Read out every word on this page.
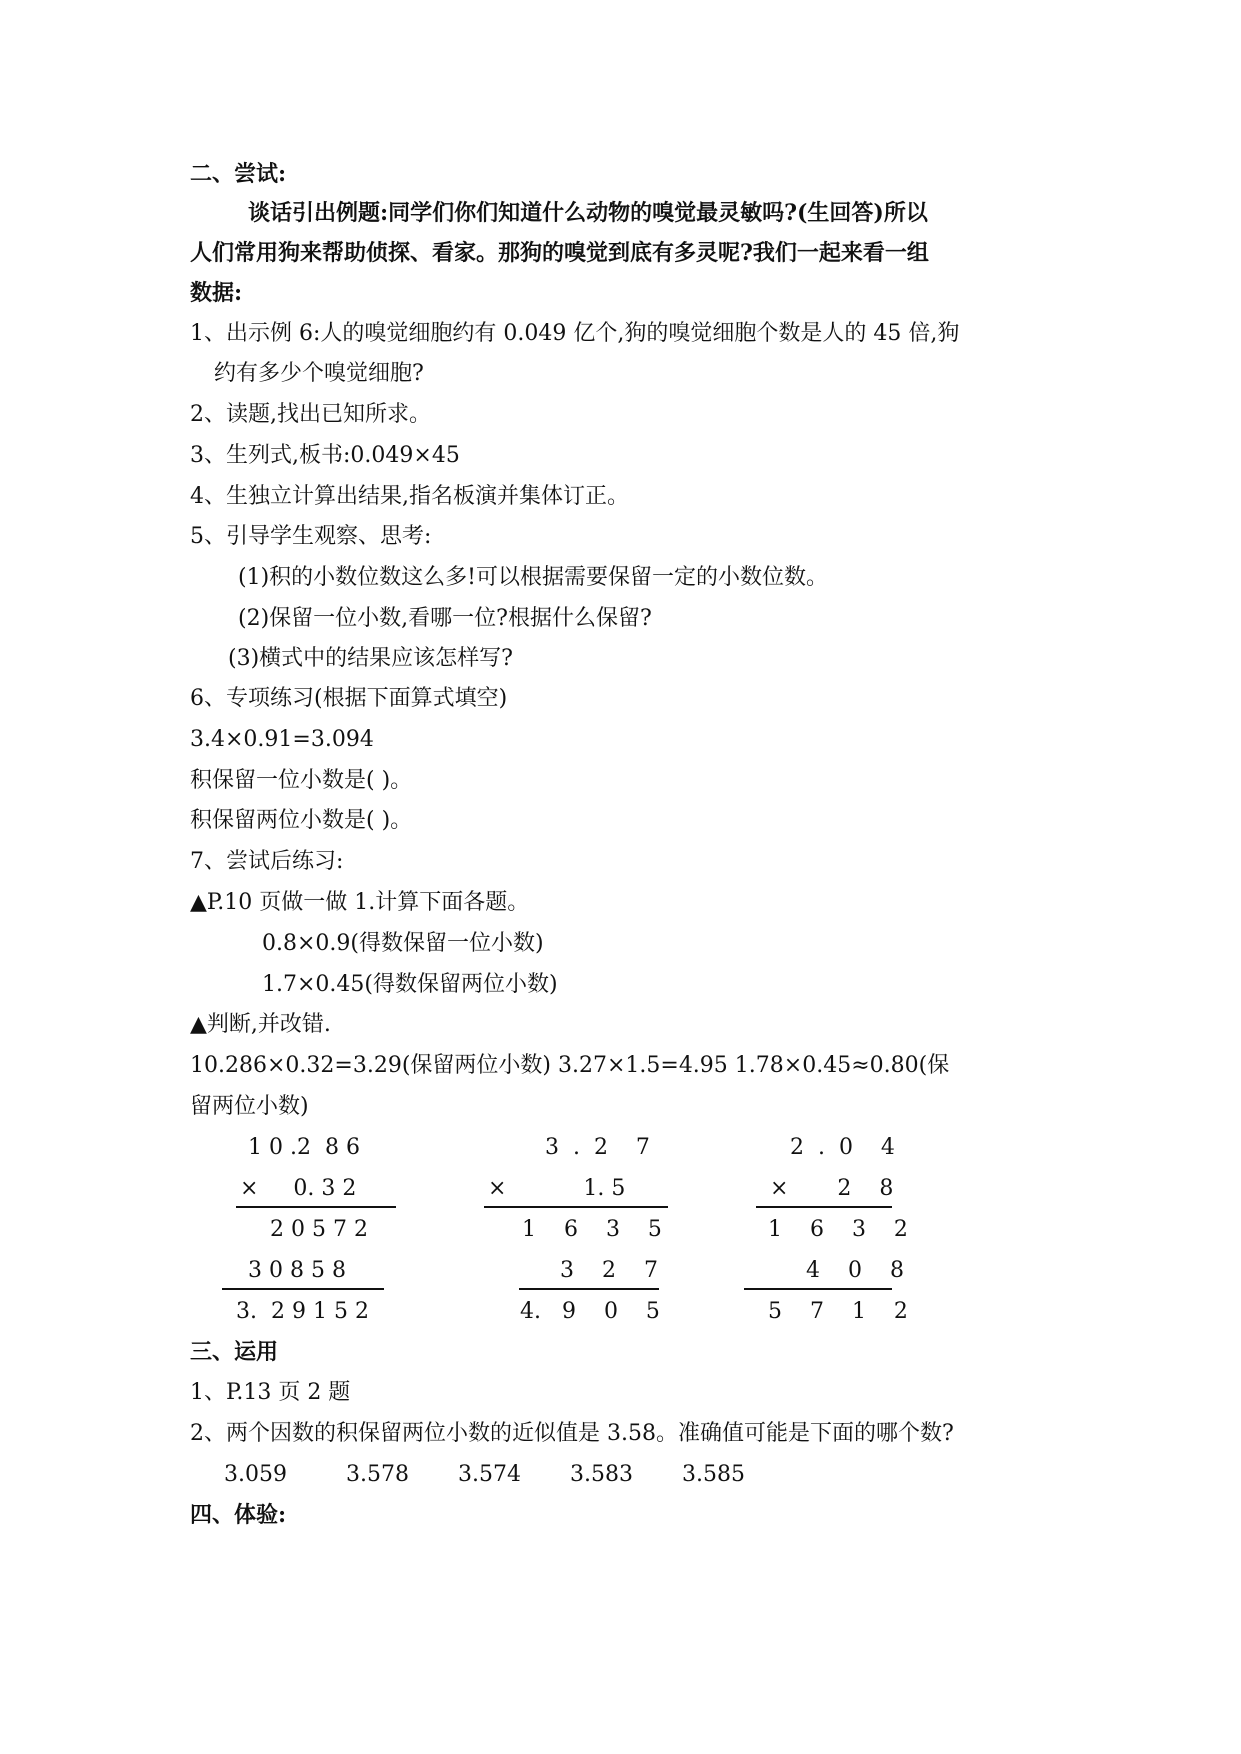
二、尝试:
谈话引出例题:同学们你们知道什么动物的嗅觉最灵敏吗?(生回答)所以
人们常用狗来帮助侦探、看家。那狗的嗅觉到底有多灵呢?我们一起来看一组
数据:
1、出示例 6:人的嗅觉细胞约有 0.049 亿个,狗的嗅觉细胞个数是人的 45 倍,狗
约有多少个嗅觉细胞?
2、读题,找出已知所求。
3、生列式,板书:0.049×45
4、生独立计算出结果,指名板演并集体订正。
5、引导学生观察、思考:
(1)积的小数位数这么多!可以根据需要保留一定的小数位数。
(2)保留一位小数,看哪一位?根据什么保留?
(3)横式中的结果应该怎样写?
6、专项练习(根据下面算式填空)
3.4×0.91=3.094
积保留一位小数是( )。
积保留两位小数是( )。
7、尝试后练习:
▲P.10 页做一做 1.计算下面各题。
0.8×0.9(得数保留一位小数)
1.7×0.45(得数保留两位小数)
▲判断,并改错.
10.286×0.32=3.29(保留两位小数) 3.27×1.5=4.95 1.78×0.45≈0.80(保
留两位小数)
1 0 .2  8 6
×     0. 3 2
2 0 5 7 2
3 0 8 5 8
3.  2 9 1 5 2
3  .  2    7
×           1. 5
1    6    3    5
3    2    7
4.   9    0    5
2  .  0    4
×       2    8
1    6    3    2
4    0    8
5    7    1    2
三、运用
1、P.13 页 2 题
2、两个因数的积保留两位小数的近似值是 3.58。准确值可能是下面的哪个数?
3.059	3.578 3.574 3.583 3.585
四、体验:
